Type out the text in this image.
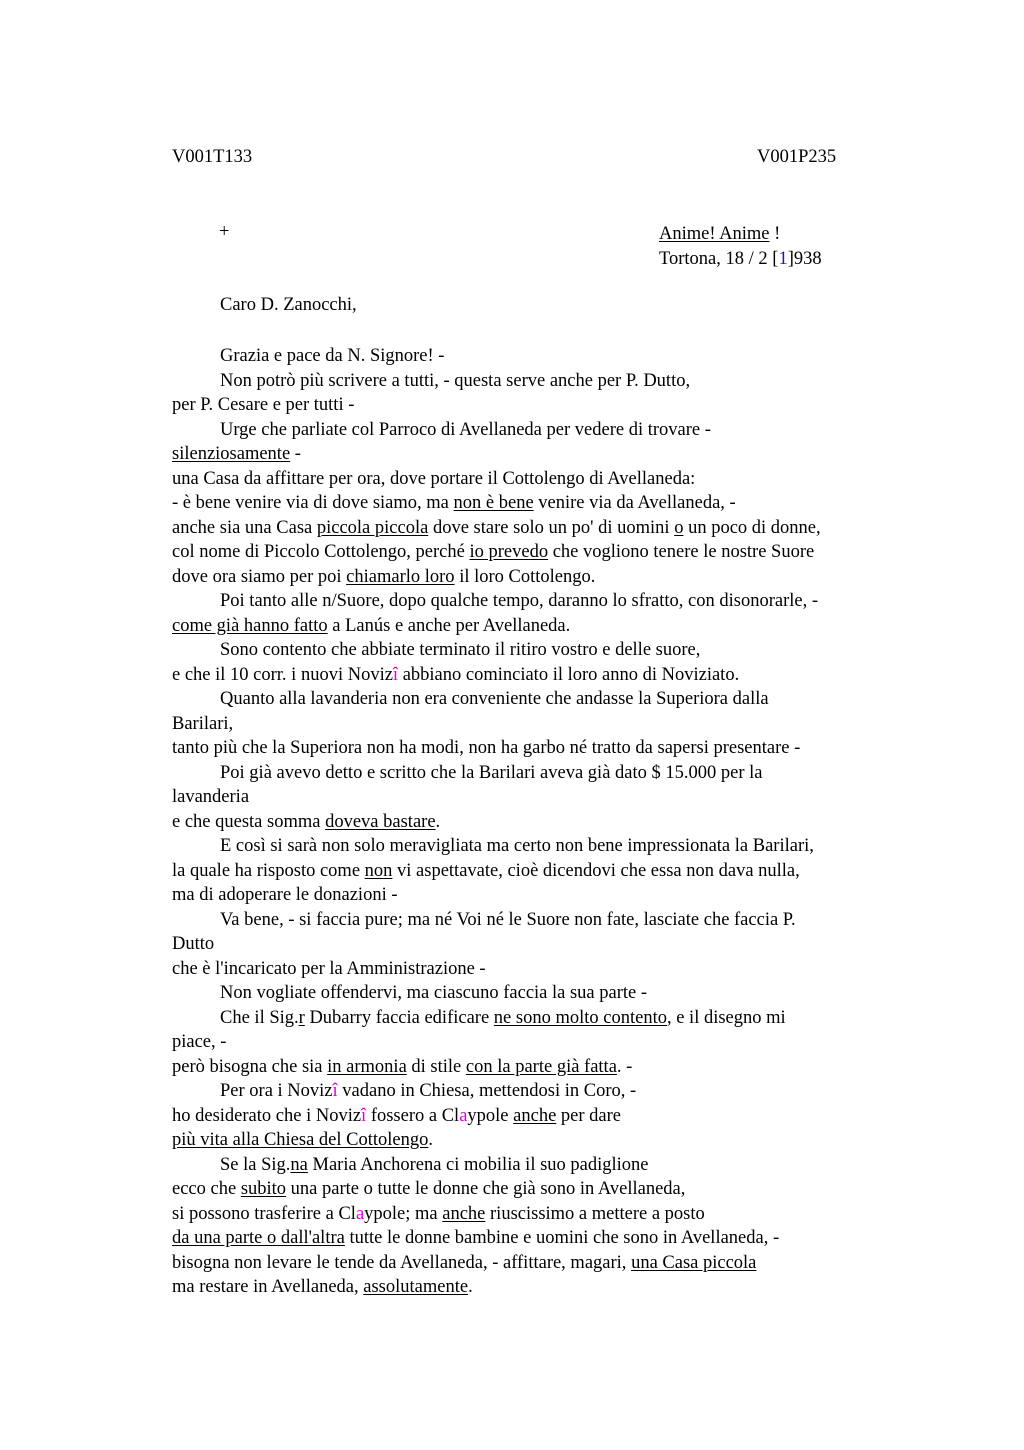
V001T133	V001P235
+	Anime! Anime !
Tortona, 18 / 2 [1]938
Caro D. Zanocchi,
Grazia e pace da N. Signore! -
Non potrò più scrivere a tutti, - questa serve anche per P. Dutto,
per P. Cesare e per tutti -
Urge che parliate col Parroco di Avellaneda per vedere di trovare -
silenziosamente -
una Casa da affittare per ora, dove portare il Cottolengo di Avellaneda:
- è bene venire via di dove siamo, ma non è bene venire via da Avellaneda, -
anche sia una Casa piccola piccola dove stare solo un po' di uomini o un poco di donne,
col nome di Piccolo Cottolengo, perché io prevedo che vogliono tenere le nostre Suore
dove ora siamo per poi chiamarlo loro il loro Cottolengo.
Poi tanto alle n/Suore, dopo qualche tempo, daranno lo sfratto, con disonorarle, -
come già hanno fatto a Lanús e anche per Avellaneda.
Sono contento che abbiate terminato il ritiro vostro e delle suore,
e che il 10 corr. i nuovi Novizî abbiano cominciato il loro anno di Noviziato.
Quanto alla lavanderia non era conveniente che andasse la Superiora dalla
Barilari,
tanto più che la Superiora non ha modi, non ha garbo né tratto da sapersi presentare -
Poi già avevo detto e scritto che la Barilari aveva già dato $ 15.000 per la
lavanderia
e che questa somma doveva bastare.
E così si sarà non solo meravigliata ma certo non bene impressionata la Barilari,
la quale ha risposto come non vi aspettavate, cioè dicendovi che essa non dava nulla,
ma di adoperare le donazioni -
Va bene, - si faccia pure; ma né Voi né le Suore non fate, lasciate che faccia P.
Dutto
che è l'incaricato per la Amministrazione -
Non vogliate offendervi, ma ciascuno faccia la sua parte -
Che il Sig.r Dubarry faccia edificare ne sono molto contento, e il disegno mi
piace, -
però bisogna che sia in armonia di stile con la parte già fatta. -
Per ora i Novizî vadano in Chiesa, mettendosi in Coro, -
ho desiderato che i Novizî fossero a Claypole anche per dare
più vita alla Chiesa del Cottolengo.
Se la Sig.na Maria Anchorena ci mobilia il suo padiglione
ecco che subito una parte o tutte le donne che già sono in Avellaneda,
si possono trasferire a Claypole; ma anche riuscissimo a mettere a posto
da una parte o dall'altra tutte le donne bambine e uomini che sono in Avellaneda, -
bisogna non levare le tende da Avellaneda, - affittare, magari, una Casa piccola
ma restare in Avellaneda, assolutamente.
